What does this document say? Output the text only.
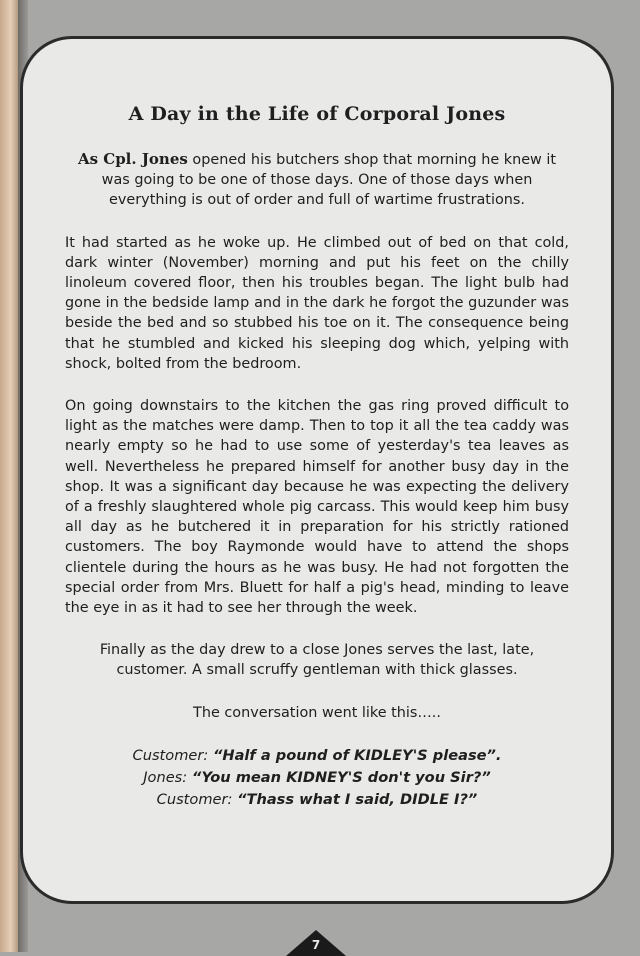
A Day in the Life of Corporal Jones

As Cpl. Jones opened his butchers shop that morning he knew it was going to be one of those days. One of those days when everything is out of order and full of wartime frustrations.

It had started as he woke up. He climbed out of bed on that cold, dark winter (November) morning and put his feet on the chilly linoleum covered floor, then his troubles began. The light bulb had gone in the bedside lamp and in the dark he forgot the guzunder was beside the bed and so stubbed his toe on it. The consequence being that he stumbled and kicked his sleeping dog which, yelping with shock, bolted from the bedroom.

On going downstairs to the kitchen the gas ring proved difficult to light as the matches were damp. Then to top it all the tea caddy was nearly empty so he had to use some of yesterday's tea leaves as well. Nevertheless he prepared himself for another busy day in the shop. It was a significant day because he was expecting the delivery of a freshly slaughtered whole pig carcass. This would keep him busy all day as he butchered it in preparation for his strictly rationed customers. The boy Raymonde would have to attend the shops clientele during the hours as he was busy. He had not forgotten the special order from Mrs. Bluett for half a pig's head, minding to leave the eye in as it had to see her through the week.

Finally as the day drew to a close Jones serves the last, late, customer. A small scruffy gentleman with thick glasses.

The conversation went like this…..

Customer: “Half a pound of KIDLEY'S please”.
Jones: “You mean KIDNEY'S don't you Sir?”
Customer: “Thass what I said, DIDLE I?”
7
